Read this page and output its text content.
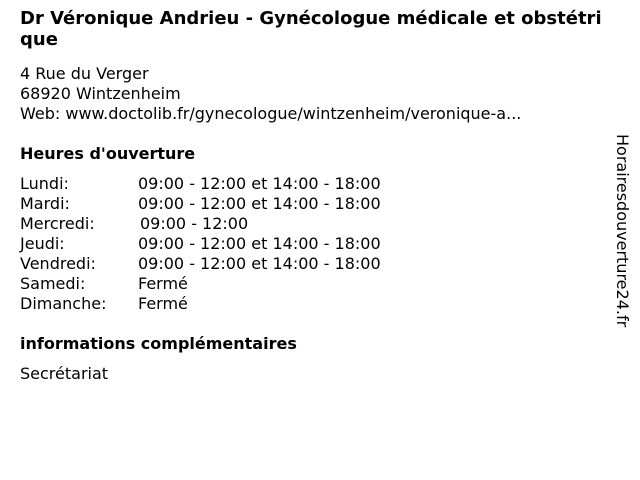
Dr Véronique Andrieu - Gynécologue médicale et obstétrique
4 Rue du Verger
68920 Wintzenheim
Web: www.doctolib.fr/gynecologue/wintzenheim/veronique-a...
Heures d'ouverture
Lundi:	09:00 - 12:00 et 14:00 - 18:00
Mardi:	09:00 - 12:00 et 14:00 - 18:00
Mercredi:	09:00 - 12:00
Jeudi:	09:00 - 12:00 et 14:00 - 18:00
Vendredi:	09:00 - 12:00 et 14:00 - 18:00
Samedi:	Fermé
Dimanche: Fermé
informations complémentaires
Secrétariat
Horairesdouverture24.fr
